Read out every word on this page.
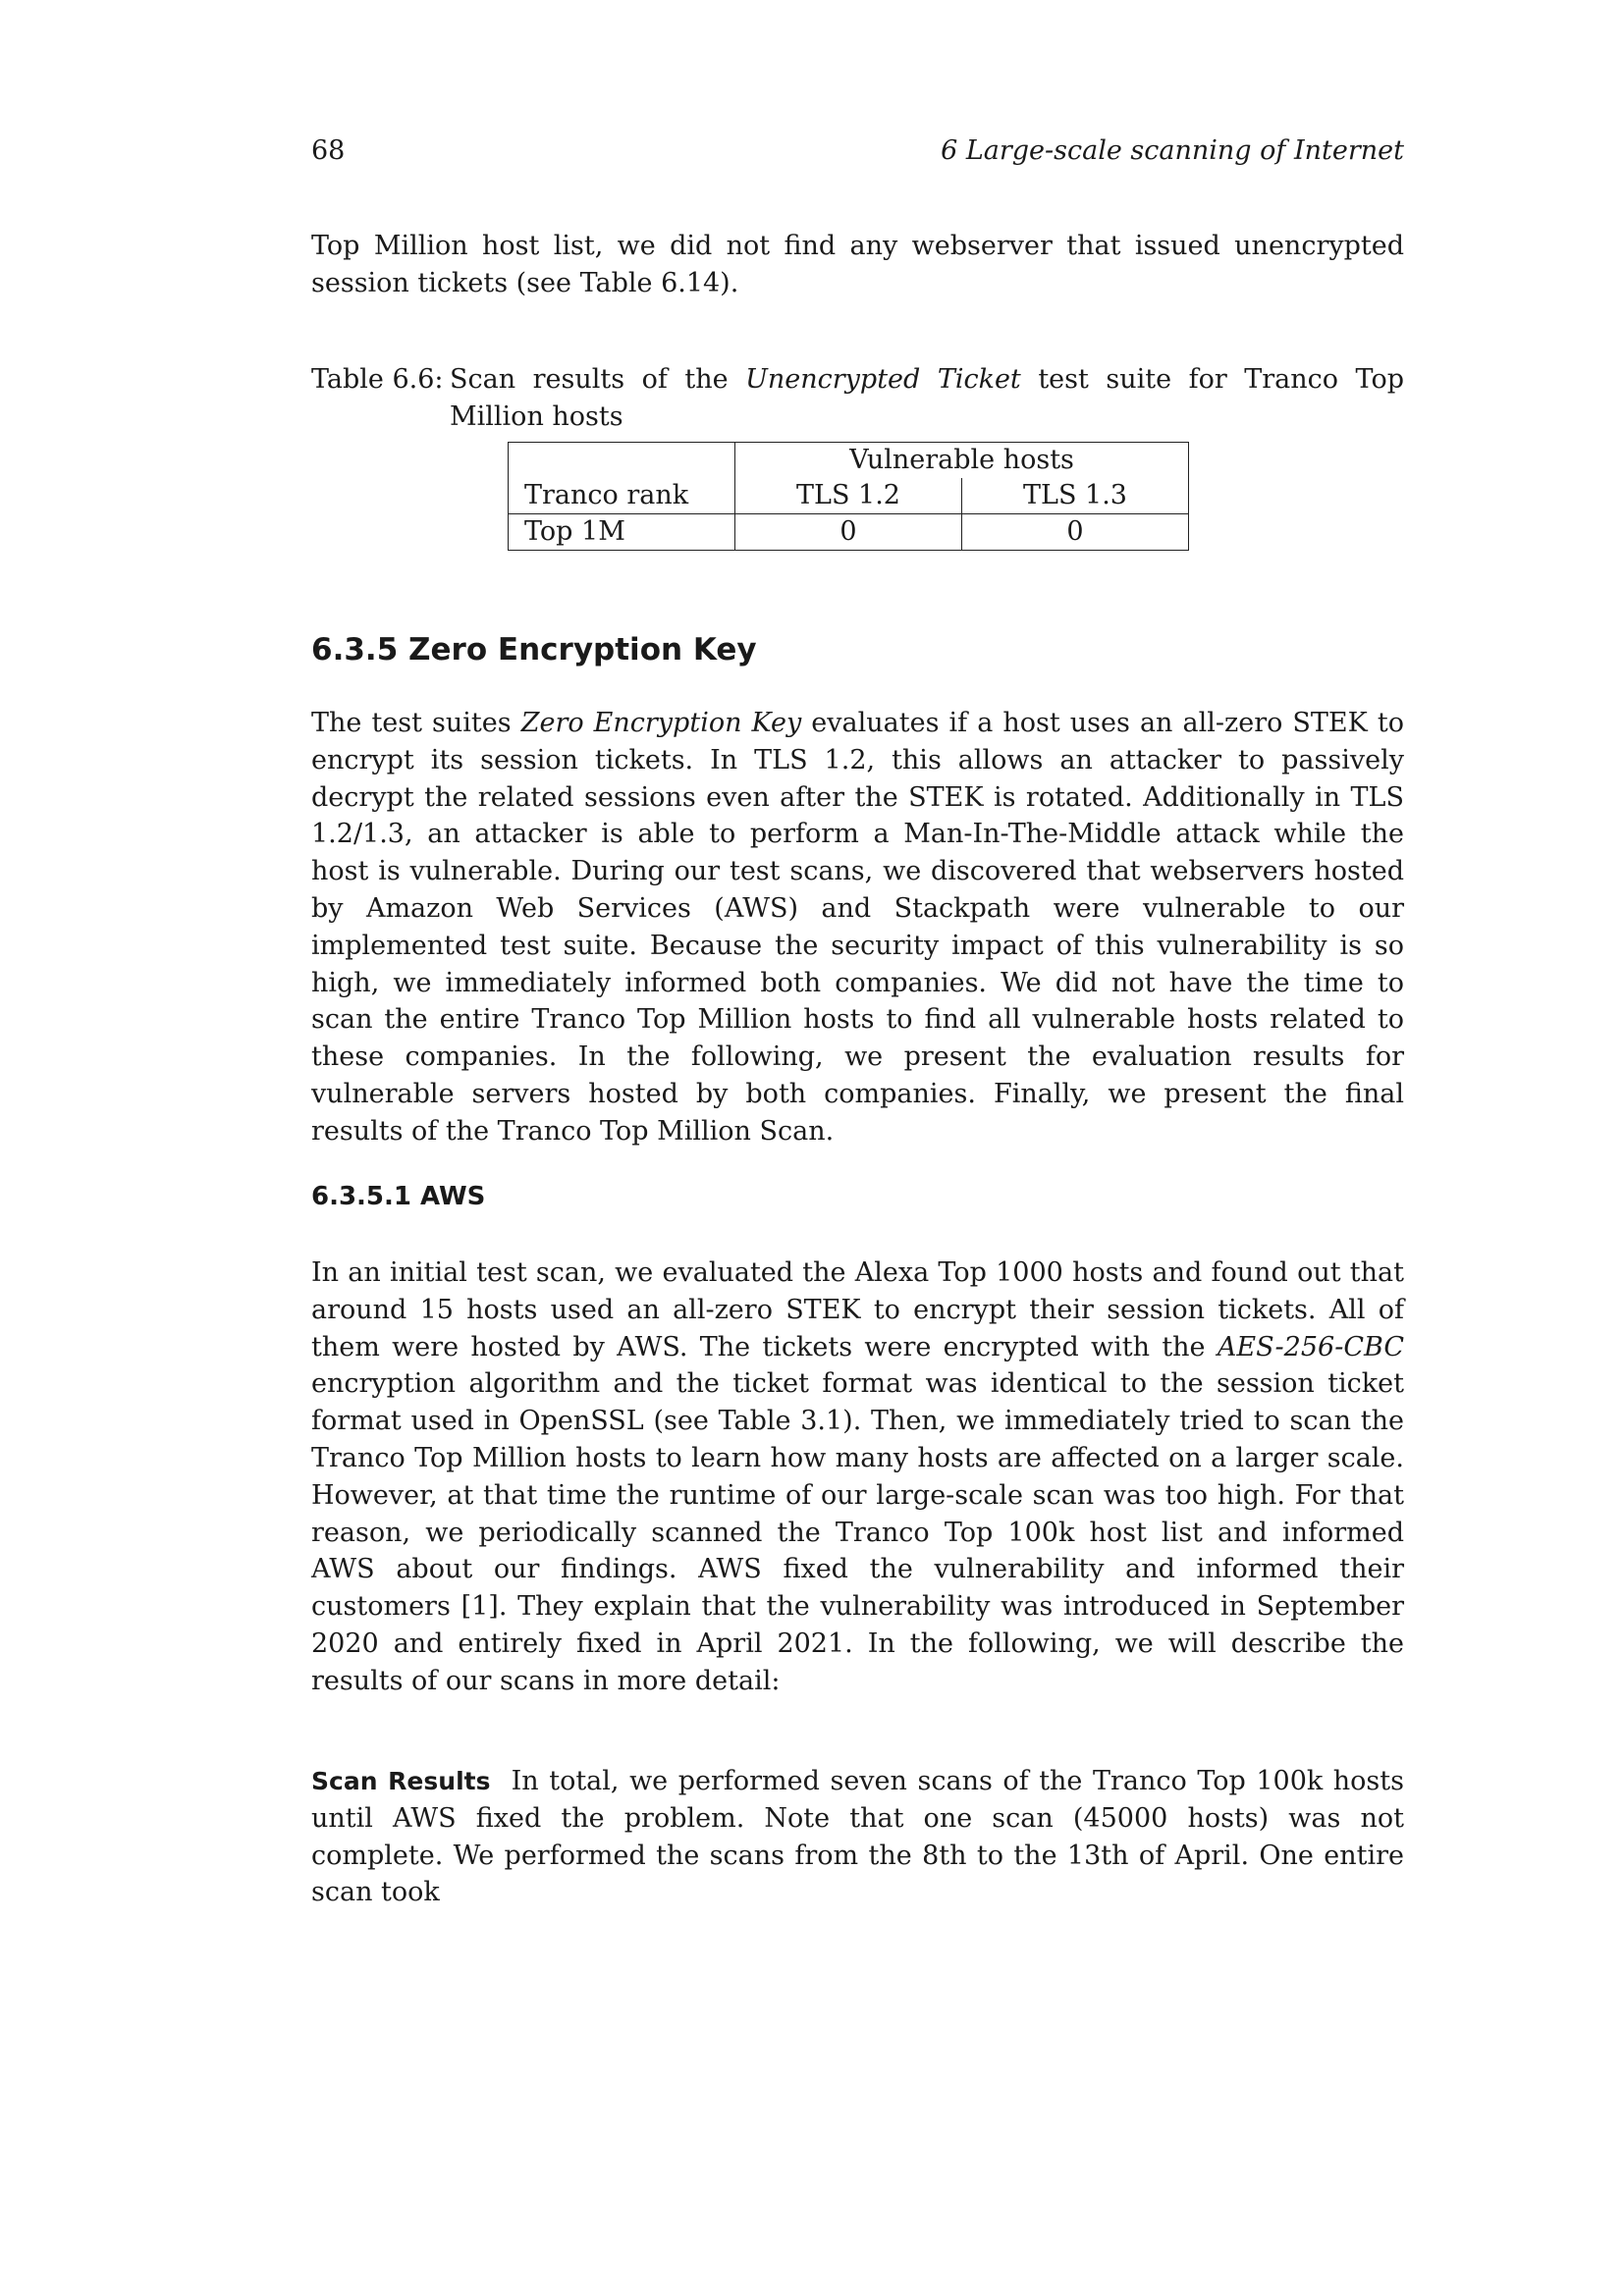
68	6 Large-scale scanning of Internet

Top Million host list, we did not find any webserver that issued unencrypted session tickets (see Table 6.14).

Table 6.6: Scan results of the Unencrypted Ticket test suite for Tranco Top Million hosts
	Vulnerable hosts	
Tranco rank	TLS 1.2	TLS 1.3
Top 1M	0	0
6.3.5 Zero Encryption Key

The test suites Zero Encryption Key evaluates if a host uses an all-zero STEK to encrypt its session tickets. In TLS 1.2, this allows an attacker to passively decrypt the related sessions even after the STEK is rotated. Additionally in TLS 1.2/1.3, an attacker is able to perform a Man-In-The-Middle attack while the host is vulnerable. During our test scans, we discovered that webservers hosted by Amazon Web Services (AWS) and Stackpath were vulnerable to our implemented test suite. Because the security impact of this vulnerability is so high, we immediately informed both companies. We did not have the time to scan the entire Tranco Top Million hosts to find all vulnerable hosts related to these companies. In the following, we present the evaluation results for vulnerable servers hosted by both companies. Finally, we present the final results of the Tranco Top Million Scan.

6.3.5.1 AWS

In an initial test scan, we evaluated the Alexa Top 1000 hosts and found out that around 15 hosts used an all-zero STEK to encrypt their session tickets. All of them were hosted by AWS. The tickets were encrypted with the AES-256-CBC encryption algorithm and the ticket format was identical to the session ticket format used in OpenSSL (see Table 3.1). Then, we immediately tried to scan the Tranco Top Million hosts to learn how many hosts are affected on a larger scale. However, at that time the runtime of our large-scale scan was too high. For that reason, we periodically scanned the Tranco Top 100k host list and informed AWS about our findings. AWS fixed the vulnerability and informed their customers [1]. They explain that the vulnerability was introduced in September 2020 and entirely fixed in April 2021. In the following, we will describe the results of our scans in more detail:

Scan Results In total, we performed seven scans of the Tranco Top 100k hosts until AWS fixed the problem. Note that one scan (45000 hosts) was not complete. We performed the scans from the 8th to the 13th of April. One entire scan took
